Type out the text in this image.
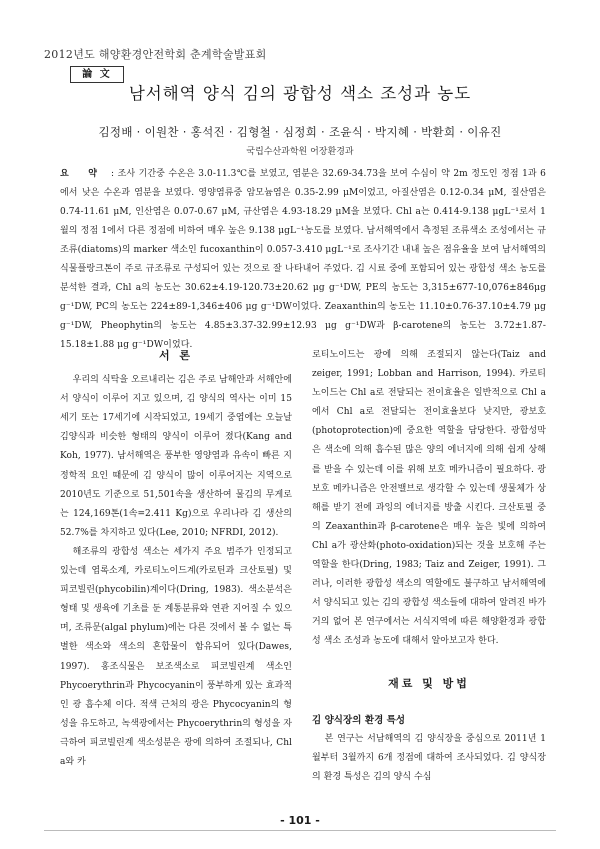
2012년도 해양환경안전학회 춘계학술발표회
論 文
남서해역 양식 김의 광합성 색소 조성과 농도
김정배 · 이원찬 · 홍석진 · 김형철 · 심정희 · 조윤식 · 박지혜 · 박환희 · 이유진
국립수산과학원 어장환경과
요 약 : 조사 기간중 수온은 3.0-11.3℃를 보였고, 염분은 32.69-34.73을 보여 수심이 약 2m 정도인 정점 1과 6에서 낮은 수온과 염분을 보였다. 영양염류중 암모늄염은 0.35-2.99 μM이었고, 아질산염은 0.12-0.34 μM, 질산염은 0.74-11.61 μM, 인산염은 0.07-0.67 μM, 규산염은 4.93-18.29 μM을 보였다. Chl a는 0.414-9.138 μgL⁻¹로서 1월의 정점 1에서 다른 정점에 비하여 매우 높은 9.138 μgL⁻¹농도를 보였다. 남서해역에서 측정된 조류색소 조성에서는 규조류(diatoms)의 marker 색소인 fucoxanthin이 0.057-3.410 μgL⁻¹로 조사기간 내내 높은 점유율을 보여 남서해역의 식물플랑크톤이 주로 규조류로 구성되어 있는 것으로 잘 나타내어 주었다. 김 시료 중에 포함되어 있는 광합성 색소 농도를 분석한 결과, Chl a의 농도는 30.62±4.19-120.73±20.62 μg g⁻¹DW, PE의 농도는 3,315±677-10,076±846μg g⁻¹DW, PC의 농도는 224±89-1,346±406 μg g⁻¹DW이었다. Zeaxanthin의 농도는 11.10±0.76-37.10±4.79 μg g⁻¹DW, Pheophytin의 농도는 4.85±3.37-32.99±12.93 μg g⁻¹DW과 β-carotene의 농도는 3.72±1.87-15.18±1.88 μg g⁻¹DW이었다.

서 론

우리의 식탁을 오르내리는 김은 주로 남해안과 서해안에서 양식이 이루어 지고 있으며, 김 양식의 역사는 이미 15세기 또는 17세기에 시작되었고, 19세기 중엽에는 오늘날 김양식과 비슷한 형태의 양식이 이루어 졌다(Kang and Koh, 1977). 남서해역은 풍부한 영양염과 유속이 빠른 지정학적 요인 때문에 김 양식이 많이 이루어지는 지역으로 2010년도 기준으로 51,501속을 생산하여 물김의 무게로는 124,169톤(1속=2.411 Kg)으로 우리나라 김 생산의 52.7%를 차지하고 있다(Lee, 2010; NFRDI, 2012).

해조류의 광합성 색소는 세가지 주요 범주가 인정되고 있는데 엽록소계, 카로티노이드계(카로틴과 크산토필) 및 피코빌린(phycobilin)계이다(Dring, 1983). 색소분석은 형태 및 생육에 기초를 둔 계통분류와 연관 지어질 수 있으며, 조류문(algal phylum)에는 다른 것에서 볼 수 없는 특별한 색소와 색소의 혼합물이 함유되어 있다(Dawes, 1997). 홍조식물은 보조색소로 피코빌린계 색소인 Phycoerythrin과 Phycocyanin이 풍부하게 있는 효과적인 광 흡수체 이다. 적색 근처의 광은 Phycocyanin의 형성을 유도하고, 녹색광에서는 Phycoerythrin의 형성을 자극하여 피코빌린계 색소성분은 광에 의하여 조절되나, Chl a와 카

로티노이드는 광에 의해 조절되지 않는다(Taiz and zeiger, 1991; Lobban and Harrison, 1994). 카로티노이드는 Chl a로 전달되는 전이효율은 일반적으로 Chl a에서 Chl a로 전달되는 전이효율보다 낮지만, 광보호(photoprotection)에 중요한 역할을 담당한다. 광합성막은 색소에 의해 흡수된 많은 양의 에너지에 의해 쉽게 상해를 받을 수 있는데 이를 위해 보호 메카니즘이 필요하다. 광보호 메카니즘은 안전밸브로 생각할 수 있는데 생물체가 상해를 받기 전에 과잉의 에너지를 방출 시킨다. 크산토필 중의 Zeaxanthin과 β-carotene은 매우 높은 빛에 의하여 Chl a가 광산화(photo-oxidation)되는 것을 보호해 주는 역할을 한다(Dring, 1983; Taiz and Zeiger, 1991). 그러나, 이러한 광합성 색소의 역할에도 불구하고 남서해역에서 양식되고 있는 김의 광합성 색소들에 대하여 알려진 바가 거의 없어 본 연구에서는 서식지역에 따른 해양환경과 광합성 색소 조성과 농도에 대해서 알아보고자 한다.

재료 및 방법
김 양식장의 환경 특성

본 연구는 서남해역의 김 양식장을 중심으로 2011년 1월부터 3월까지 6개 정점에 대하여 조사되었다. 김 양식장의 환경 특성은 김의 양식 수심

- 101 -
